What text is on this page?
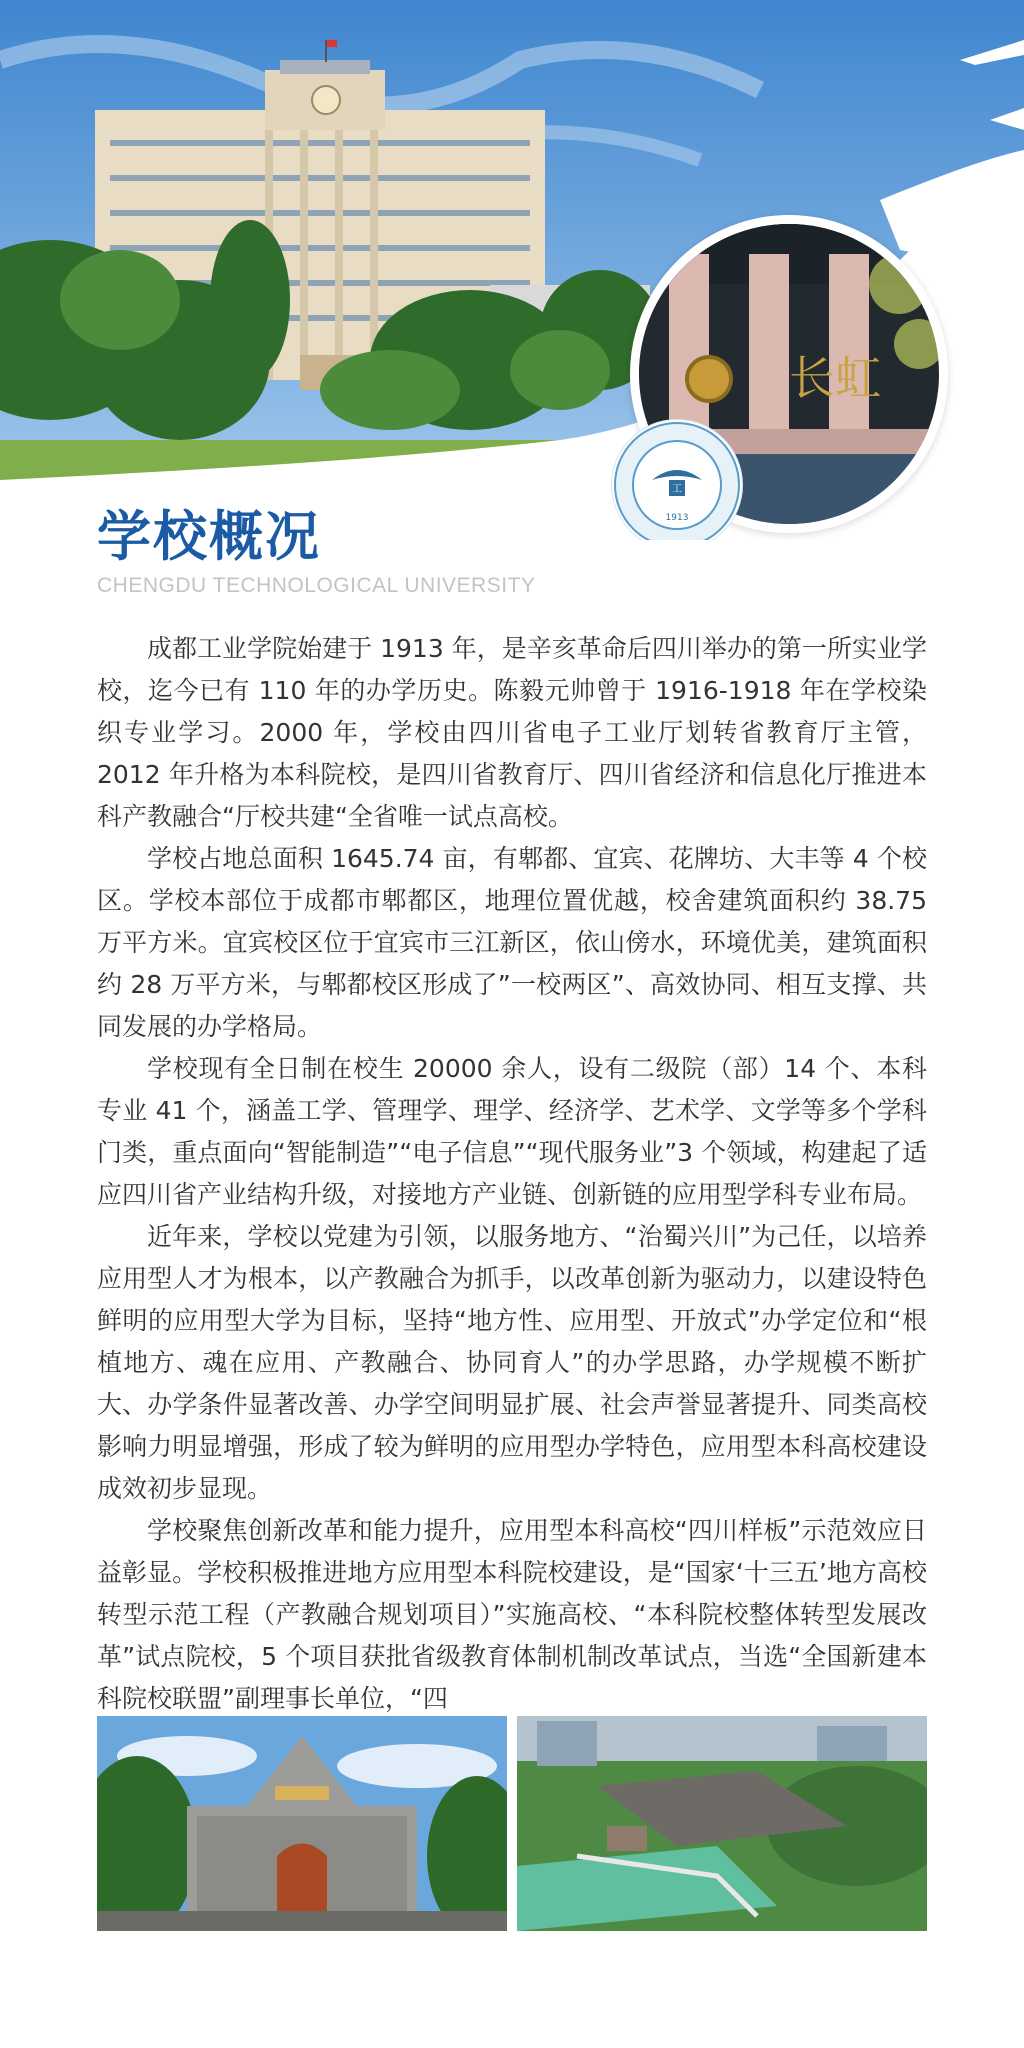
长虹
工
1913
学校概况
CHENGDU TECHNOLOGICAL UNIVERSITY

成都工业学院始建于 1913 年，是辛亥革命后四川举办的第一所实业学校，迄今已有 110 年的办学历史。陈毅元帅曾于 1916-1918 年在学校染织专业学习。2000 年，学校由四川省电子工业厅划转省教育厅主管，2012 年升格为本科院校，是四川省教育厅、四川省经济和信息化厅推进本科产教融合“厅校共建“全省唯一试点高校。

学校占地总面积 1645.74 亩，有郫都、宜宾、花牌坊、大丰等 4 个校区。学校本部位于成都市郫都区，地理位置优越，校舍建筑面积约 38.75 万平方米。宜宾校区位于宜宾市三江新区，依山傍水，环境优美，建筑面积约 28 万平方米，与郫都校区形成了”一校两区”、高效协同、相互支撑、共同发展的办学格局。

学校现有全日制在校生 20000 余人，设有二级院（部）14 个、本科专业 41 个，涵盖工学、管理学、理学、经济学、艺术学、文学等多个学科门类，重点面向“智能制造”“电子信息”“现代服务业”3 个领域，构建起了适应四川省产业结构升级，对接地方产业链、创新链的应用型学科专业布局。

近年来，学校以党建为引领，以服务地方、“治蜀兴川”为己任，以培养应用型人才为根本，以产教融合为抓手，以改革创新为驱动力，以建设特色鲜明的应用型大学为目标，坚持“地方性、应用型、开放式”办学定位和“根植地方、魂在应用、产教融合、协同育人”的办学思路，办学规模不断扩大、办学条件显著改善、办学空间明显扩展、社会声誉显著提升、同类高校影响力明显增强，形成了较为鲜明的应用型办学特色，应用型本科高校建设成效初步显现。

学校聚焦创新改革和能力提升，应用型本科高校“四川样板”示范效应日益彰显。学校积极推进地方应用型本科院校建设，是“国家‘十三五’地方高校转型示范工程（产教融合规划项目）”实施高校、“本科院校整体转型发展改革”试点院校，5 个项目获批省级教育体制机制改革试点，当选“全国新建本科院校联盟”副理事长单位，“四
